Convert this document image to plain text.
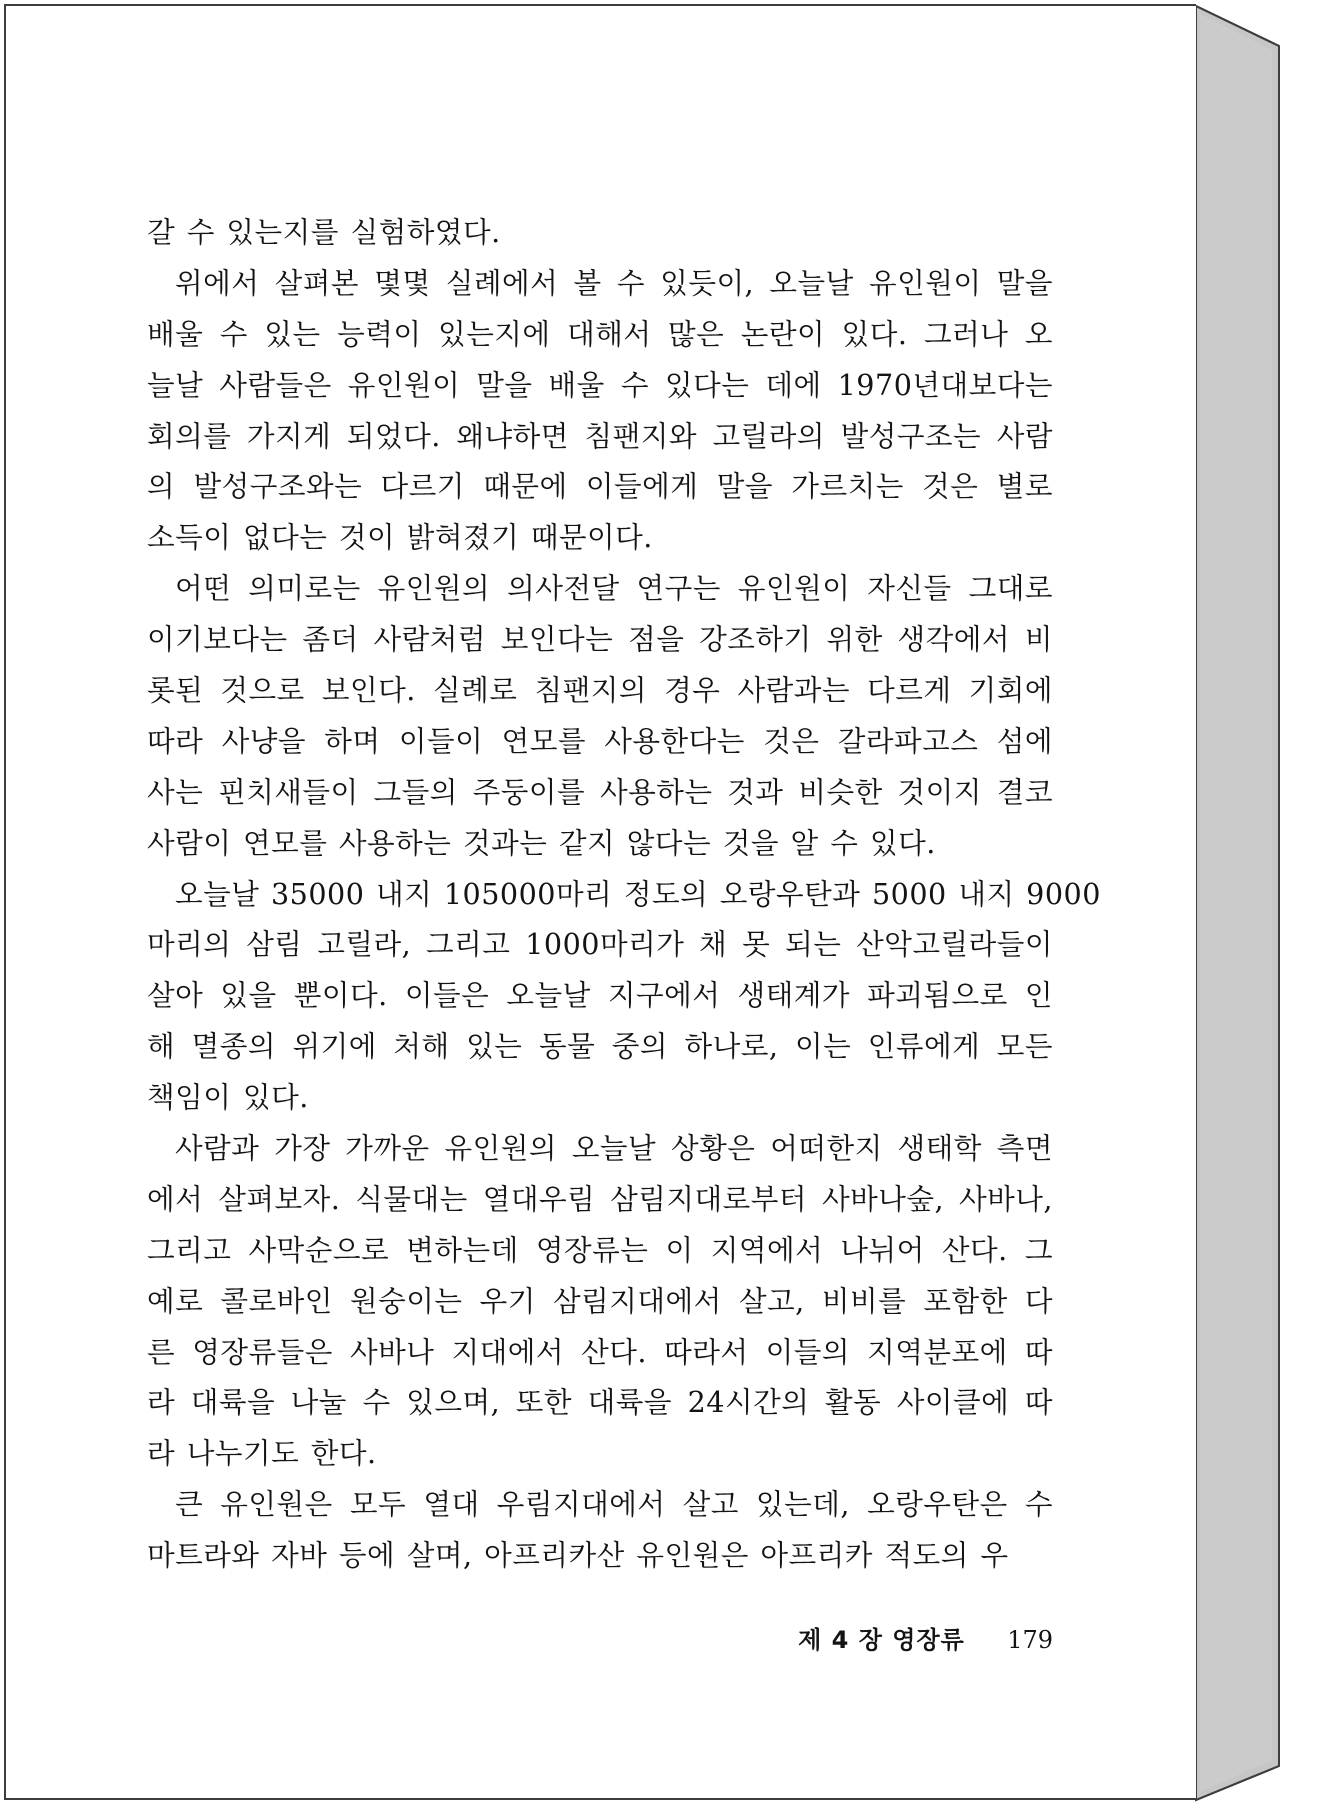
갈 수 있는지를 실험하였다.
위에서 살펴본 몇몇 실례에서 볼 수 있듯이, 오늘날 유인원이 말을
배울 수 있는 능력이 있는지에 대해서 많은 논란이 있다. 그러나 오
늘날 사람들은 유인원이 말을 배울 수 있다는 데에 1970년대보다는
회의를 가지게 되었다. 왜냐하면 침팬지와 고릴라의 발성구조는 사람
의 발성구조와는 다르기 때문에 이들에게 말을 가르치는 것은 별로
소득이 없다는 것이 밝혀졌기 때문이다.
어떤 의미로는 유인원의 의사전달 연구는 유인원이 자신들 그대로
이기보다는 좀더 사람처럼 보인다는 점을 강조하기 위한 생각에서 비
롯된 것으로 보인다. 실례로 침팬지의 경우 사람과는 다르게 기회에
따라 사냥을 하며 이들이 연모를 사용한다는 것은 갈라파고스 섬에
사는 핀치새들이 그들의 주둥이를 사용하는 것과 비슷한 것이지 결코
사람이 연모를 사용하는 것과는 같지 않다는 것을 알 수 있다.
오늘날 35000 내지 105000마리 정도의 오랑우탄과 5000 내지 9000
마리의 삼림 고릴라, 그리고 1000마리가 채 못 되는 산악고릴라들이
살아 있을 뿐이다. 이들은 오늘날 지구에서 생태계가 파괴됨으로 인
해 멸종의 위기에 처해 있는 동물 중의 하나로, 이는 인류에게 모든
책임이 있다.
사람과 가장 가까운 유인원의 오늘날 상황은 어떠한지 생태학 측면
에서 살펴보자. 식물대는 열대우림 삼림지대로부터 사바나숲, 사바나,
그리고 사막순으로 변하는데 영장류는 이 지역에서 나뉘어 산다. 그
예로 콜로바인 원숭이는 우기 삼림지대에서 살고, 비비를 포함한 다
른 영장류들은 사바나 지대에서 산다. 따라서 이들의 지역분포에 따
라 대륙을 나눌 수 있으며, 또한 대륙을 24시간의 활동 사이클에 따
라 나누기도 한다.
큰 유인원은 모두 열대 우림지대에서 살고 있는데, 오랑우탄은 수
마트라와 자바 등에 살며, 아프리카산 유인원은 아프리카 적도의 우
제 4 장 영장류 179
